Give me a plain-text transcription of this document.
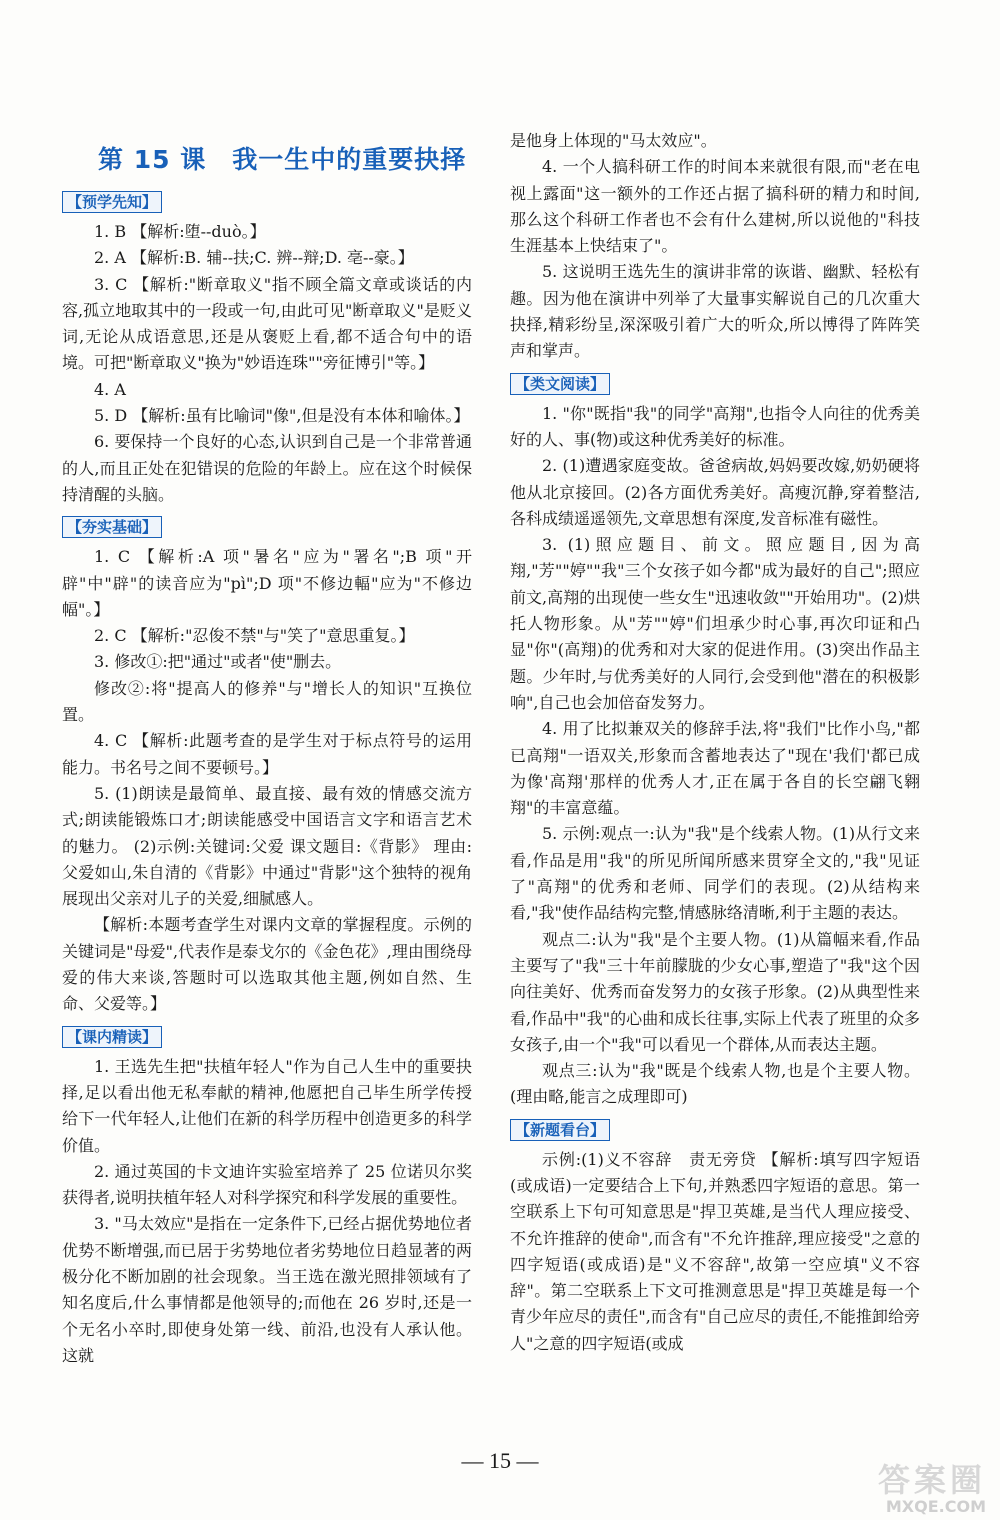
第 15 课　我一生中的重要抉择
【预学先知】

1. B 【解析:堕--duò。】

2. A 【解析:B. 辅--扶;C. 辨--辩;D. 亳--豪。】

3. C 【解析:"断章取义"指不顾全篇文章或谈话的内容,孤立地取其中的一段或一句,由此可见"断章取义"是贬义词,无论从成语意思,还是从褒贬上看,都不适合句中的语境。可把"断章取义"换为"妙语连珠""旁征博引"等。】

4. A

5. D 【解析:虽有比喻词"像",但是没有本体和喻体。】

6. 要保持一个良好的心态,认识到自己是一个非常普通的人,而且正处在犯错误的危险的年龄上。应在这个时候保持清醒的头脑。

【夯实基础】

1. C 【解析:A 项"暑名"应为"署名";B 项"开辟"中"辟"的读音应为"pì";D 项"不修边輻"应为"不修边幅"。】

2. C 【解析:"忍俊不禁"与"笑了"意思重复。】

3. 修改①:把"通过"或者"使"删去。

修改②:将"提高人的修养"与"增长人的知识"互换位置。

4. C 【解析:此题考查的是学生对于标点符号的运用能力。书名号之间不要顿号。】

5. (1)朗读是最简单、最直接、最有效的情感交流方式;朗读能锻炼口才;朗读能感受中国语言文字和语言艺术的魅力。 (2)示例:关键词:父爱 课文题目:《背影》 理由:父爱如山,朱自清的《背影》中通过"背影"这个独特的视角展现出父亲对儿子的关爱,细腻感人。

【解析:本题考查学生对课内文章的掌握程度。示例的关键词是"母爱",代表作是泰戈尔的《金色花》,理由围绕母爱的伟大来谈,答题时可以选取其他主题,例如自然、生命、父爱等。】

【课内精读】

1. 王选先生把"扶植年轻人"作为自己人生中的重要抉择,足以看出他无私奉献的精神,他愿把自己毕生所学传授给下一代年轻人,让他们在新的科学历程中创造更多的科学价值。

2. 通过英国的卡文迪许实验室培养了 25 位诺贝尔奖获得者,说明扶植年轻人对科学探究和科学发展的重要性。

3. "马太效应"是指在一定条件下,已经占据优势地位者优势不断增强,而已居于劣势地位者劣势地位日趋显著的两极分化不断加剧的社会现象。当王选在激光照排领域有了知名度后,什么事情都是他领导的;而他在 26 岁时,还是一个无名小卒时,即使身处第一线、前沿,也没有人承认他。这就

是他身上体现的"马太效应"。

4. 一个人搞科研工作的时间本来就很有限,而"老在电视上露面"这一额外的工作还占据了搞科研的精力和时间,那么这个科研工作者也不会有什么建树,所以说他的"科技生涯基本上快结束了"。

5. 这说明王选先生的演讲非常的诙谐、幽默、轻松有趣。因为他在演讲中列举了大量事实解说自己的几次重大抉择,精彩纷呈,深深吸引着广大的听众,所以博得了阵阵笑声和掌声。

【类文阅读】

1. "你"既指"我"的同学"高翔",也指令人向往的优秀美好的人、事(物)或这种优秀美好的标准。

2. (1)遭遇家庭变故。爸爸病故,妈妈要改嫁,奶奶硬将他从北京接回。(2)各方面优秀美好。高瘦沉静,穿着整洁,各科成绩遥遥领先,文章思想有深度,发音标准有磁性。

3. (1)照应题目、前文。照应题目,因为高翔,"芳""婷""我"三个女孩子如今都"成为最好的自己";照应前文,高翔的出现使一些女生"迅速收敛""开始用功"。(2)烘托人物形象。从"芳""婷"们坦承少时心事,再次印证和凸显"你"(高翔)的优秀和对大家的促进作用。(3)突出作品主题。少年时,与优秀美好的人同行,会受到他"潜在的积极影响",自己也会加倍奋发努力。

4. 用了比拟兼双关的修辞手法,将"我们"比作小鸟,"都已高翔"一语双关,形象而含蓄地表达了"现在'我们'都已成为像'高翔'那样的优秀人才,正在属于各自的长空翩飞翱翔"的丰富意蕴。

5. 示例:观点一:认为"我"是个线索人物。(1)从行文来看,作品是用"我"的所见所闻所感来贯穿全文的,"我"见证了"高翔"的优秀和老师、同学们的表现。(2)从结构来看,"我"使作品结构完整,情感脉络清晰,利于主题的表达。

观点二:认为"我"是个主要人物。(1)从篇幅来看,作品主要写了"我"三十年前朦胧的少女心事,塑造了"我"这个因向往美好、优秀而奋发努力的女孩子形象。(2)从典型性来看,作品中"我"的心曲和成长往事,实际上代表了班里的众多女孩子,由一个"我"可以看见一个群体,从而表达主题。

观点三:认为"我"既是个线索人物,也是个主要人物。(理由略,能言之成理即可)

【新题看台】

示例:(1)义不容辞　责无旁贷 【解析:填写四字短语(或成语)一定要结合上下句,并熟悉四字短语的意思。第一空联系上下句可知意思是"捍卫英雄,是当代人理应接受、不允许推辞的使命",而含有"不允许推辞,理应接受"之意的四字短语(或成语)是"义不容辞",故第一空应填"义不容辞"。第二空联系上下文可推测意思是"捍卫英雄是每一个青少年应尽的责任",而含有"自己应尽的责任,不能推卸给旁人"之意的四字短语(或成

— 15 —
答案圈
MXQE.COM
